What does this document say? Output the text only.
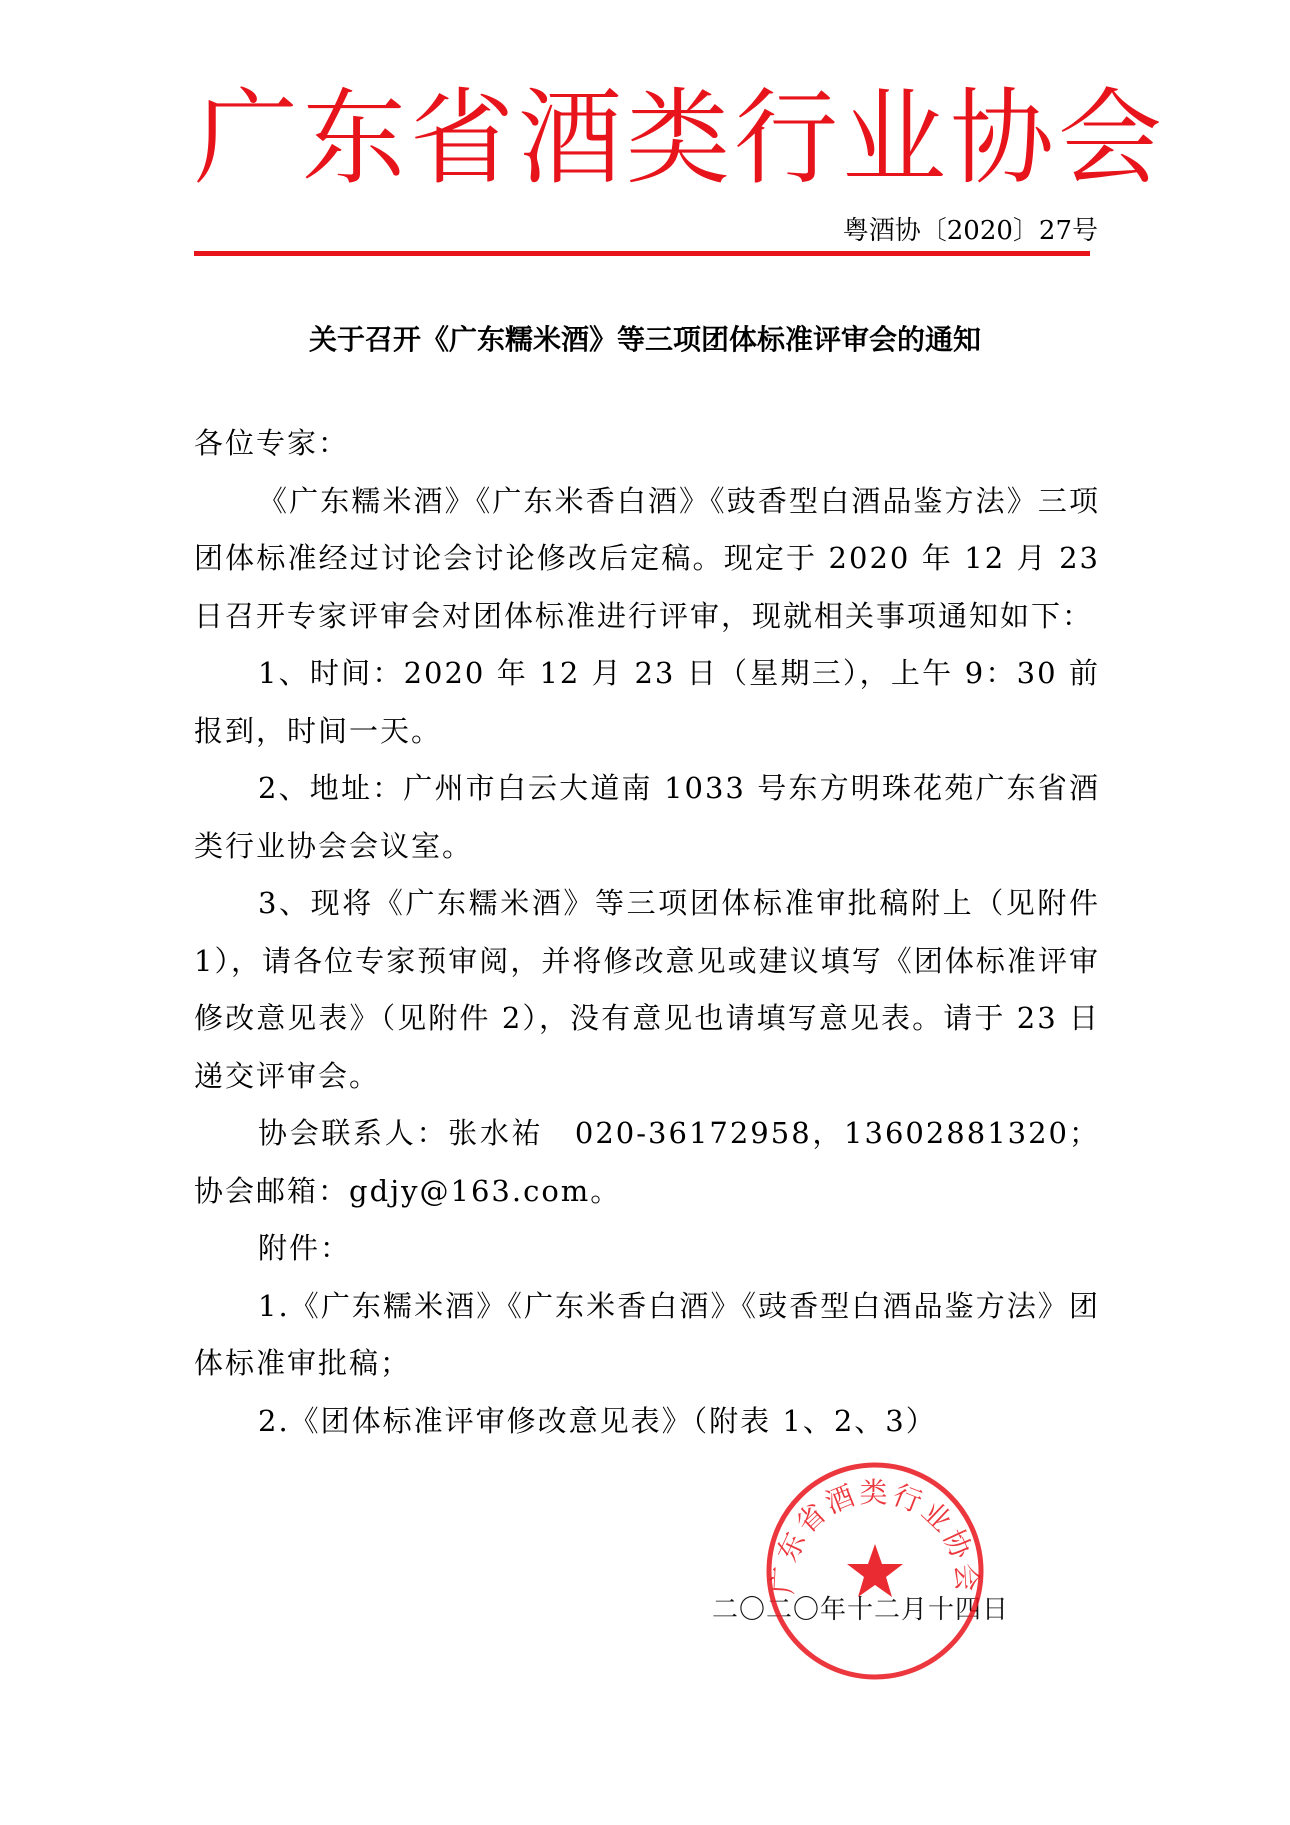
广东省酒类行业协会
粤酒协〔2020〕27号
关于召开《广东糯米酒》等三项团体标准评审会的通知

各位专家：

《广东糯米酒》《广东米香白酒》《豉香型白酒品鉴方法》三项团体标准经过讨论会讨论修改后定稿。现定于 2020 年 12 月 23 日召开专家评审会对团体标准进行评审，现就相关事项通知如下：

1、时间：2020 年 12 月 23 日（星期三），上午 9：30 前报到，时间一天。

2、地址：广州市白云大道南 1033 号东方明珠花苑广东省酒类行业协会会议室。

3、现将《广东糯米酒》等三项团体标准审批稿附上（见附件 1），请各位专家预审阅，并将修改意见或建议填写《团体标准评审修改意见表》（见附件 2），没有意见也请填写意见表。请于 23 日递交评审会。

协会联系人：张水祐　020-36172958，13602881320；协会邮箱：gdjy@163.com。

附件：

1.《广东糯米酒》《广东米香白酒》《豉香型白酒品鉴方法》团体标准审批稿；

2.《团体标准评审修改意见表》（附表 1、2、3）

二〇二〇年十二月十四日
广东省酒类行业协会
